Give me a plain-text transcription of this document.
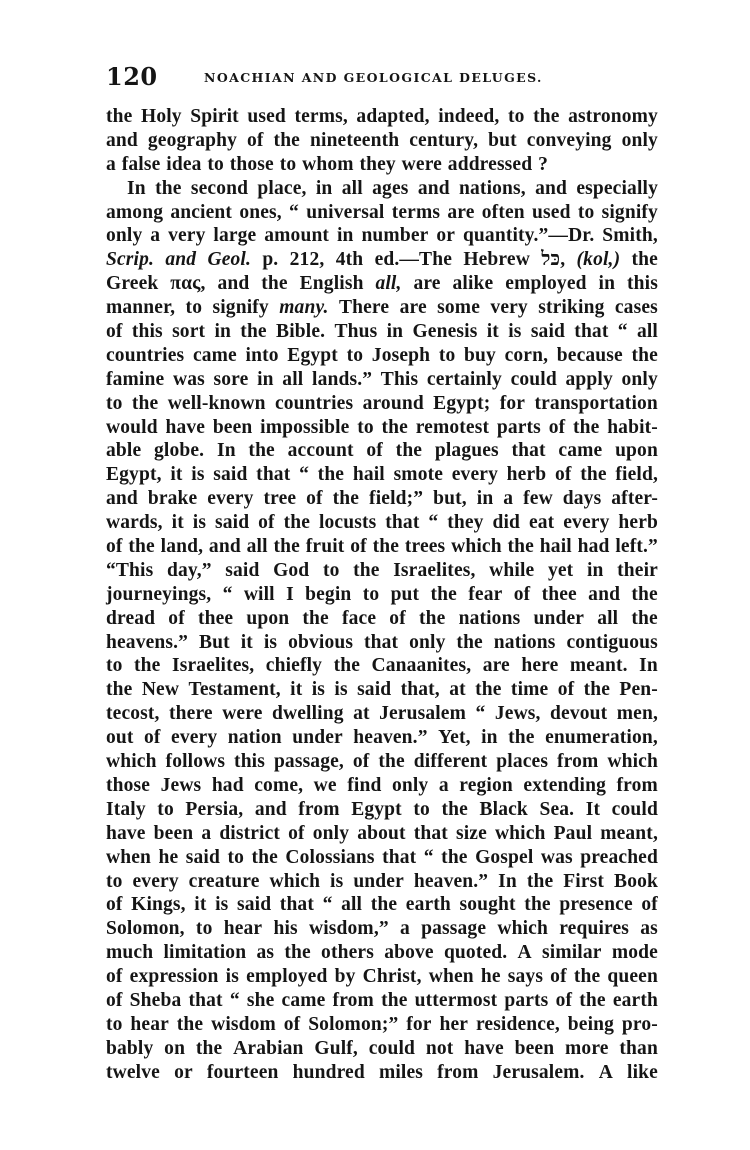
120	NOACHIAN AND GEOLOGICAL DELUGES.
the Holy Spirit used terms, adapted, indeed, to the astronomy
and geography of the nineteenth century, but conveying only
a false idea to those to whom they were addressed ?
In the second place, in all ages and nations, and especially
among ancient ones, “ universal terms are often used to signify
only a very large amount in number or quantity.”—Dr. Smith,
Scrip. and Geol. p. 212, 4th ed.—The Hebrew כּל, (kol,) the
Greek πας, and the English all, are alike employed in this
manner, to signify many. There are some very striking cases
of this sort in the Bible. Thus in Genesis it is said that “ all
countries came into Egypt to Joseph to buy corn, because the
famine was sore in all lands.” This certainly could apply only
to the well-known countries around Egypt; for transportation
would have been impossible to the remotest parts of the habit-
able globe. In the account of the plagues that came upon
Egypt, it is said that “ the hail smote every herb of the field,
and brake every tree of the field;” but, in a few days after-
wards, it is said of the locusts that “ they did eat every herb
of the land, and all the fruit of the trees which the hail had left.”
“This day,” said God to the Israelites, while yet in their
journeyings, “ will I begin to put the fear of thee and the
dread of thee upon the face of the nations under all the
heavens.” But it is obvious that only the nations contiguous
to the Israelites, chiefly the Canaanites, are here meant. In
the New Testament, it is is said that, at the time of the Pen-
tecost, there were dwelling at Jerusalem “ Jews, devout men,
out of every nation under heaven.” Yet, in the enumeration,
which follows this passage, of the different places from which
those Jews had come, we find only a region extending from
Italy to Persia, and from Egypt to the Black Sea. It could
have been a district of only about that size which Paul meant,
when he said to the Colossians that “ the Gospel was preached
to every creature which is under heaven.” In the First Book
of Kings, it is said that “ all the earth sought the presence of
Solomon, to hear his wisdom,” a passage which requires as
much limitation as the others above quoted. A similar mode
of expression is employed by Christ, when he says of the queen
of Sheba that “ she came from the uttermost parts of the earth
to hear the wisdom of Solomon;” for her residence, being pro-
bably on the Arabian Gulf, could not have been more than
twelve or fourteen hundred miles from Jerusalem. A like
